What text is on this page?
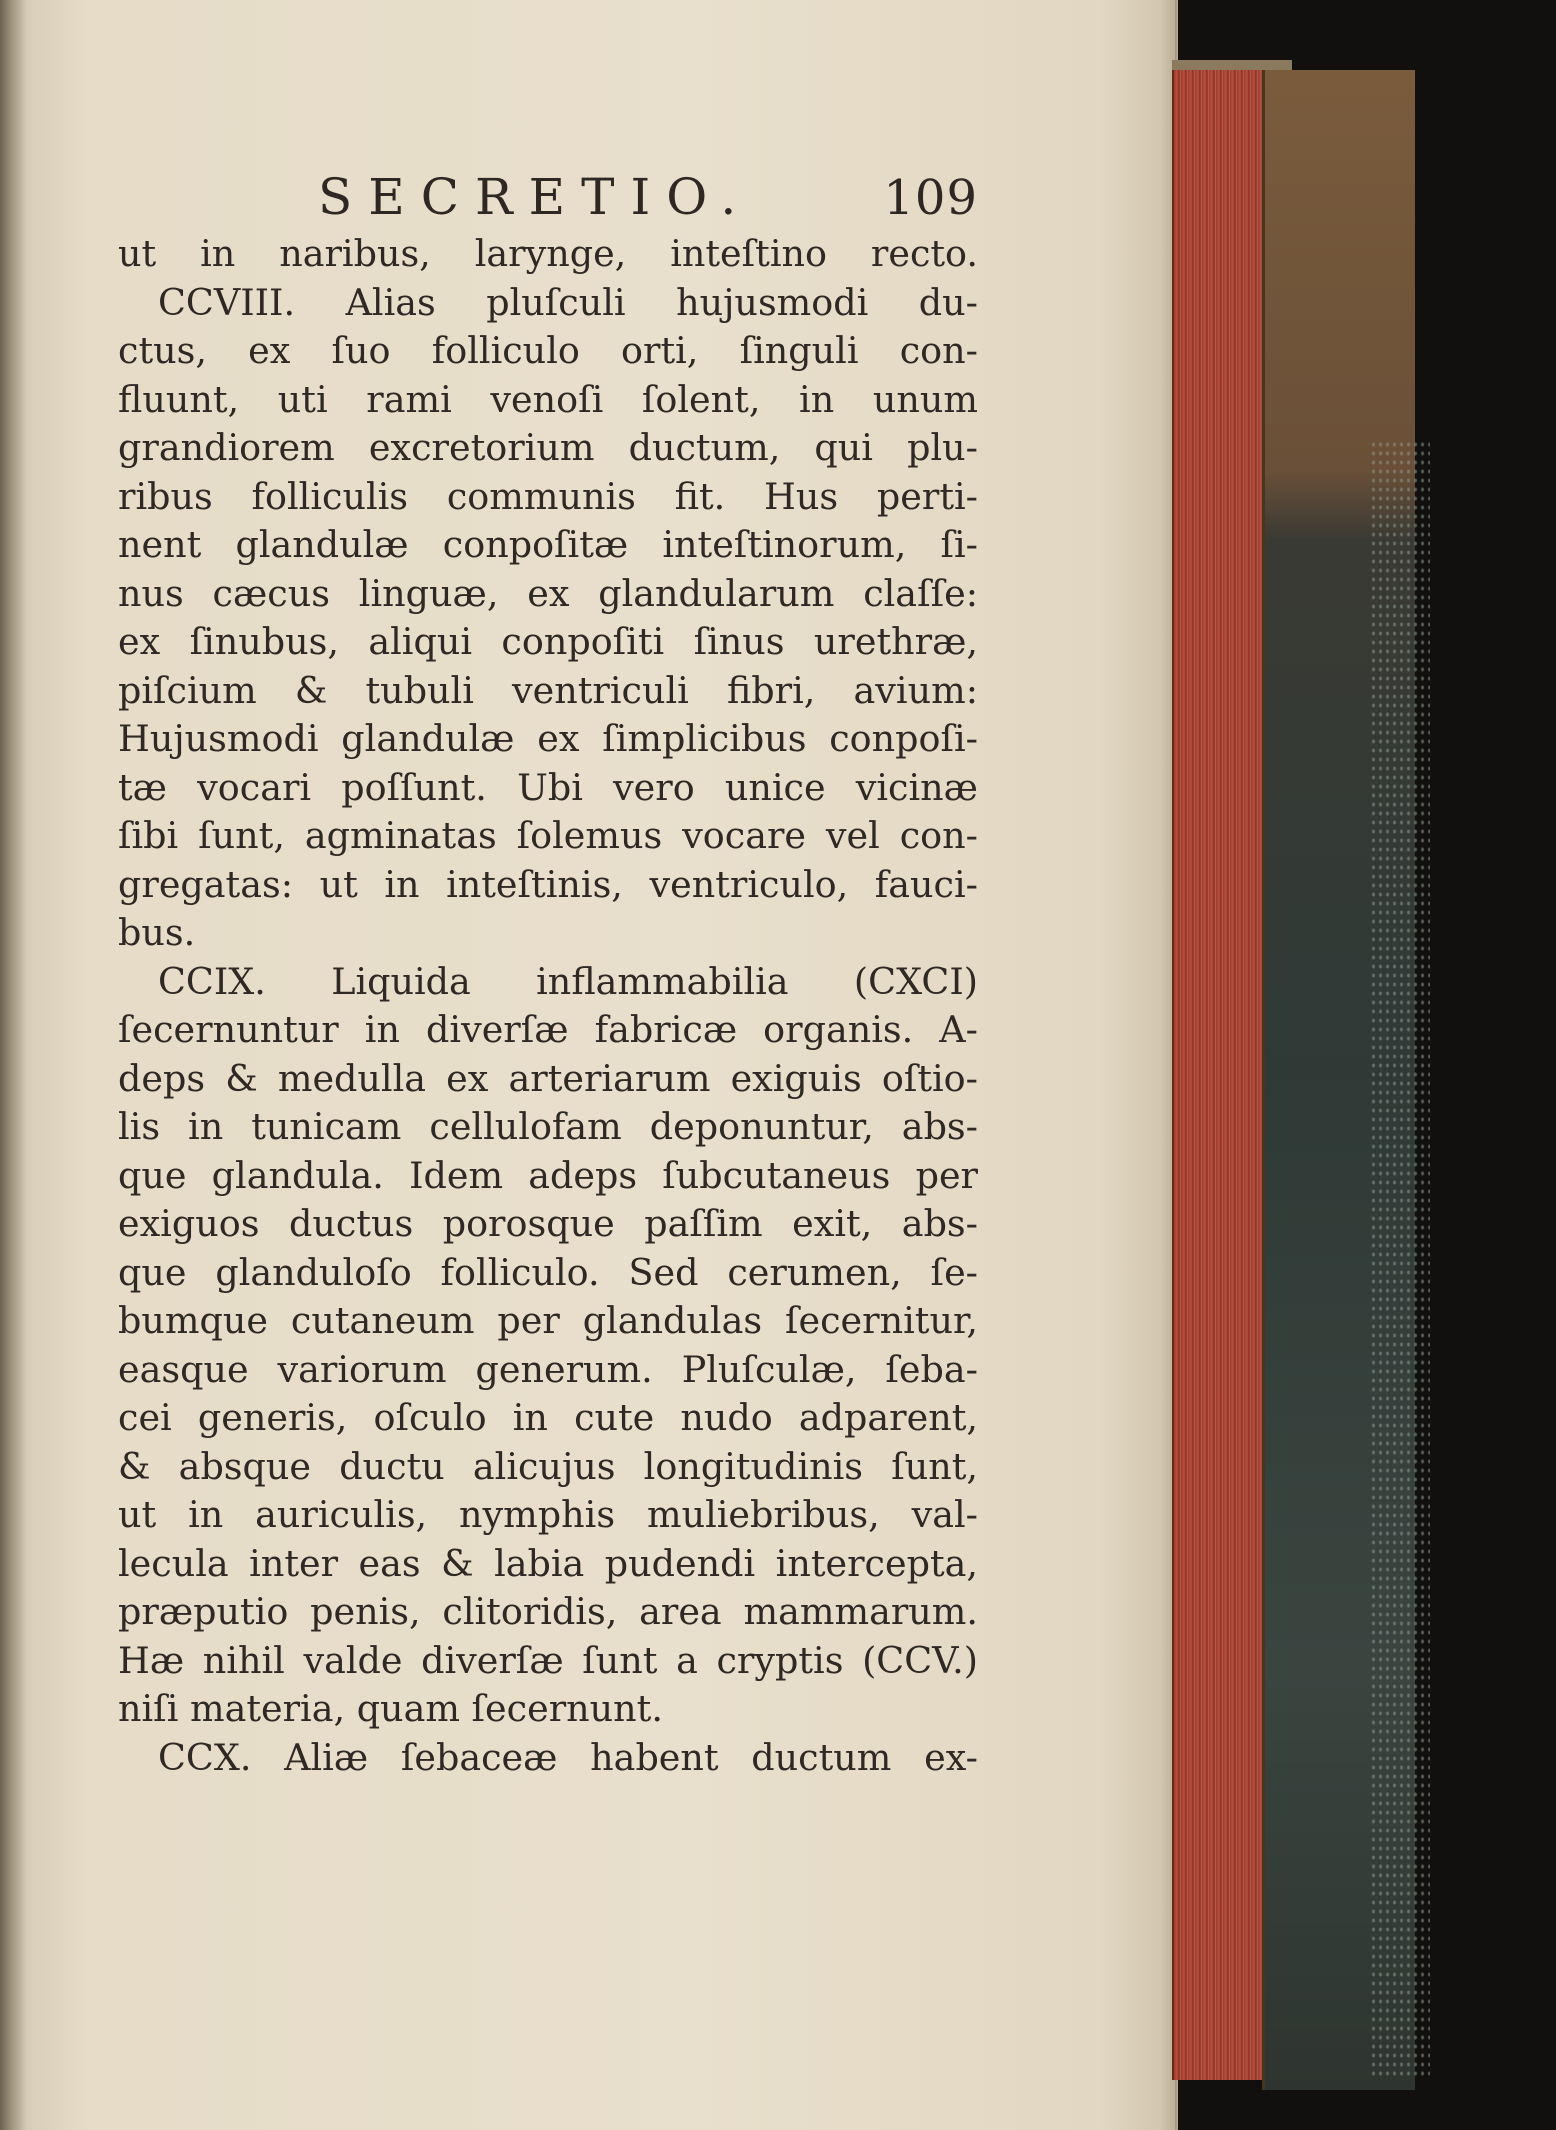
SECRETIO.	109
ut in naribus, larynge, inteſtino recto.
CCVIII. Alias pluſculi hujusmodi du-
ctus, ex ſuo folliculo orti, ſinguli con-
fluunt, uti rami venoſi ſolent, in unum
grandiorem excretorium ductum, qui plu-
ribus folliculis communis fit. Hus perti-
nent glandulæ conpoſitæ inteſtinorum, ſi-
nus cæcus linguæ, ex glandularum claſſe:
ex ſinubus, aliqui conpoſiti ſinus urethræ,
piſcium & tubuli ventriculi fibri, avium:
Hujusmodi glandulæ ex ſimplicibus conpoſi-
tæ vocari poſſunt. Ubi vero unice vicinæ
ſibi ſunt, agminatas ſolemus vocare vel con-
gregatas: ut in inteſtinis, ventriculo, fauci-
bus.
CCIX. Liquida inflammabilia (CXCI)
ſecernuntur in diverſæ fabricæ organis. A-
deps & medulla ex arteriarum exiguis oſtio-
lis in tunicam cellulofam deponuntur, abs-
que glandula. Idem adeps ſubcutaneus per
exiguos ductus porosque paſſim exit, abs-
que glanduloſo folliculo. Sed cerumen, ſe-
bumque cutaneum per glandulas ſecernitur,
easque variorum generum. Pluſculæ, ſeba-
cei generis, oſculo in cute nudo adparent,
& absque ductu alicujus longitudinis ſunt,
ut in auriculis, nymphis muliebribus, val-
lecula inter eas & labia pudendi intercepta,
præputio penis, clitoridis, area mammarum.
Hæ nihil valde diverſæ ſunt a cryptis (CCV.)
niſi materia, quam ſecernunt.
CCX. Aliæ ſebaceæ habent ductum ex-
